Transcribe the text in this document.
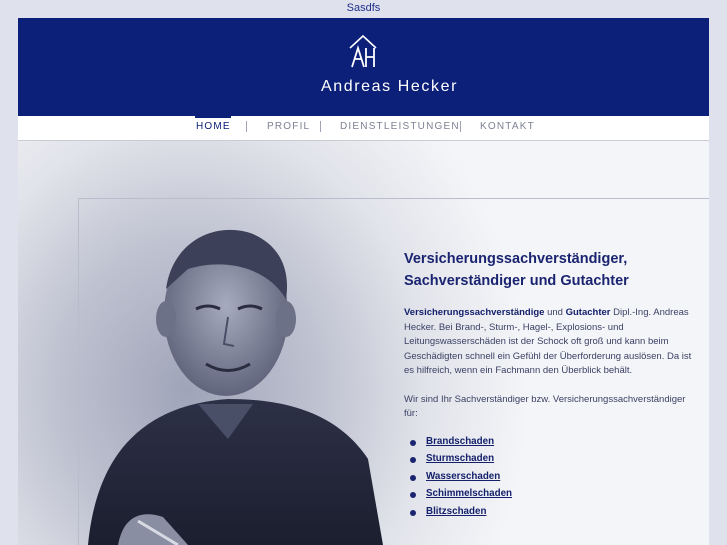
Sasdfs
Andreas Hecker
HOME	PROFIL	DIENSTLEISTUNGEN KONTAKT
Versicherungssachverständiger,
Sachverständiger und Gutachter

Versicherungssachverständige und Gutachter Dipl.-Ing. Andreas Hecker. Bei Brand-, Sturm-, Hagel-, Explosions- und Leitungswasserschäden ist der Schock oft groß und kann beim Geschädigten schnell ein Gefühl der Überforderung auslösen. Da ist es hilfreich, wenn ein Fachmann den Überblick behält.

Wir sind Ihr Sachverständiger bzw. Versicherungssachverständiger für:

Brandschaden
Sturmschaden
Wasserschaden
Schimmelschaden
Blitzschaden
